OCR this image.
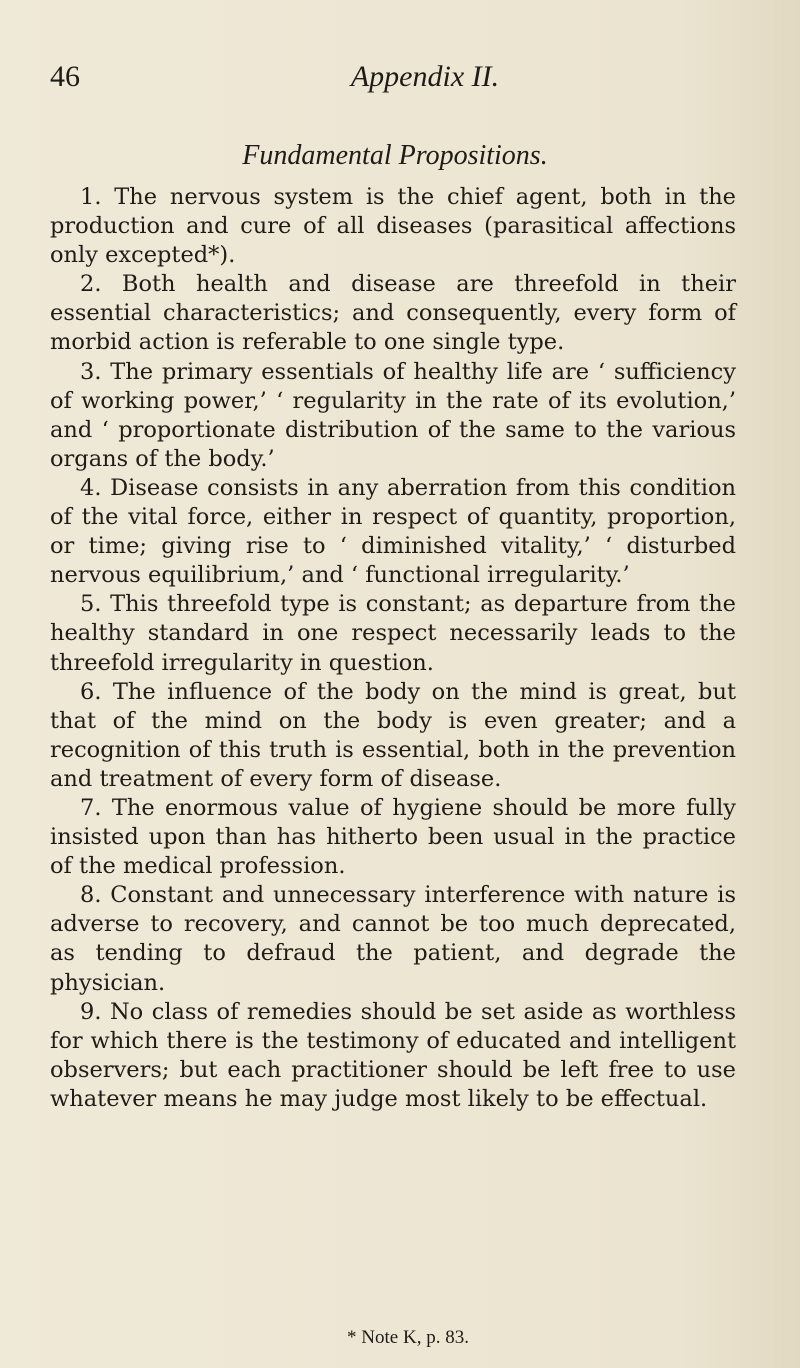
46	Appendix II.
Fundamental Propositions.

1. The nervous system is the chief agent, both in the production and cure of all diseases (parasitical affections only excepted*).

2. Both health and disease are threefold in their essential characteristics; and consequently, every form of morbid action is referable to one single type.

3. The primary essentials of healthy life are ‘ sufficiency of working power,’ ‘ regularity in the rate of its evolution,’ and ‘ proportionate distribution of the same to the various organs of the body.’

4. Disease consists in any aberration from this condition of the vital force, either in respect of quantity, proportion, or time; giving rise to ‘ diminished vitality,’ ‘ disturbed nervous equilibrium,’ and ‘ functional irregularity.’

5. This threefold type is constant; as departure from the healthy standard in one respect necessarily leads to the threefold irregularity in question.

6. The influence of the body on the mind is great, but that of the mind on the body is even greater; and a recognition of this truth is essential, both in the prevention and treatment of every form of disease.

7. The enormous value of hygiene should be more fully insisted upon than has hitherto been usual in the practice of the medical profession.

8. Constant and unnecessary interference with nature is adverse to recovery, and cannot be too much deprecated, as tending to defraud the patient, and degrade the physician.

9. No class of remedies should be set aside as worthless for which there is the testimony of educated and intelligent observers; but each practitioner should be left free to use whatever means he may judge most likely to be effectual.

* Note K, p. 83.
